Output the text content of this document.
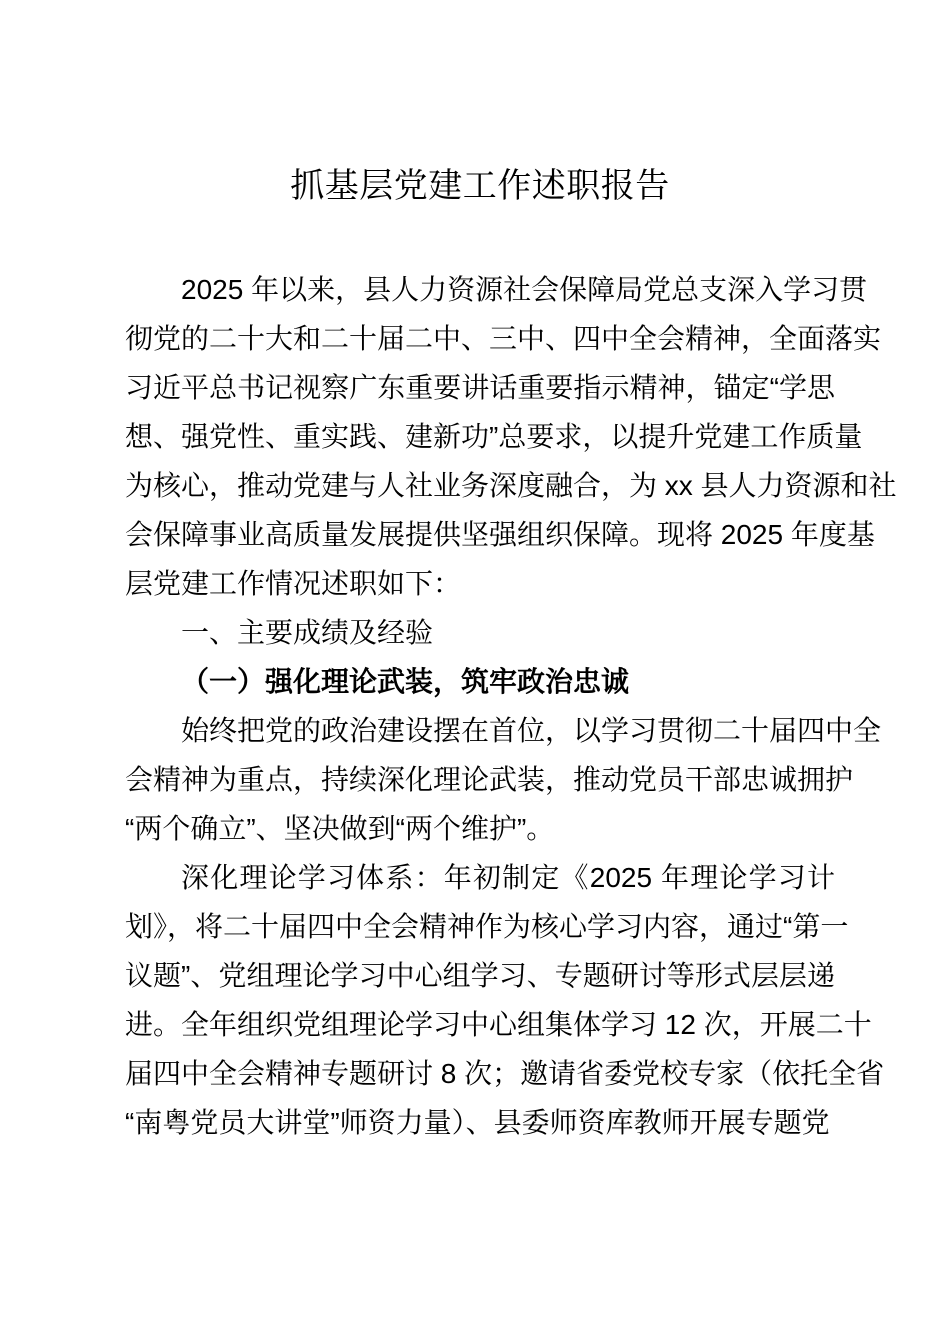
抓基层党建工作述职报告
2025 年以来，县人力资源社会保障局党总支深入学习贯
彻党的二十大和二十届二中、三中、四中全会精神，全面落实
习近平总书记视察广东重要讲话重要指示精神，锚定“学思
想、强党性、重实践、建新功”总要求，以提升党建工作质量
为核心，推动党建与人社业务深度融合，为 xx 县人力资源和社
会保障事业高质量发展提供坚强组织保障。现将 2025 年度基
层党建工作情况述职如下：
一、主要成绩及经验
（一）强化理论武装，筑牢政治忠诚
始终把党的政治建设摆在首位，以学习贯彻二十届四中全
会精神为重点，持续深化理论武装，推动党员干部忠诚拥护
“两个确立”、坚决做到“两个维护”。
深化理论学习体系：年初制定《2025 年理论学习计
划》，将二十届四中全会精神作为核心学习内容，通过“第一
议题”、党组理论学习中心组学习、专题研讨等形式层层递
进。全年组织党组理论学习中心组集体学习 12 次，开展二十
届四中全会精神专题研讨 8 次；邀请省委党校专家（依托全省
“南粤党员大讲堂”师资力量）、县委师资库教师开展专题党
